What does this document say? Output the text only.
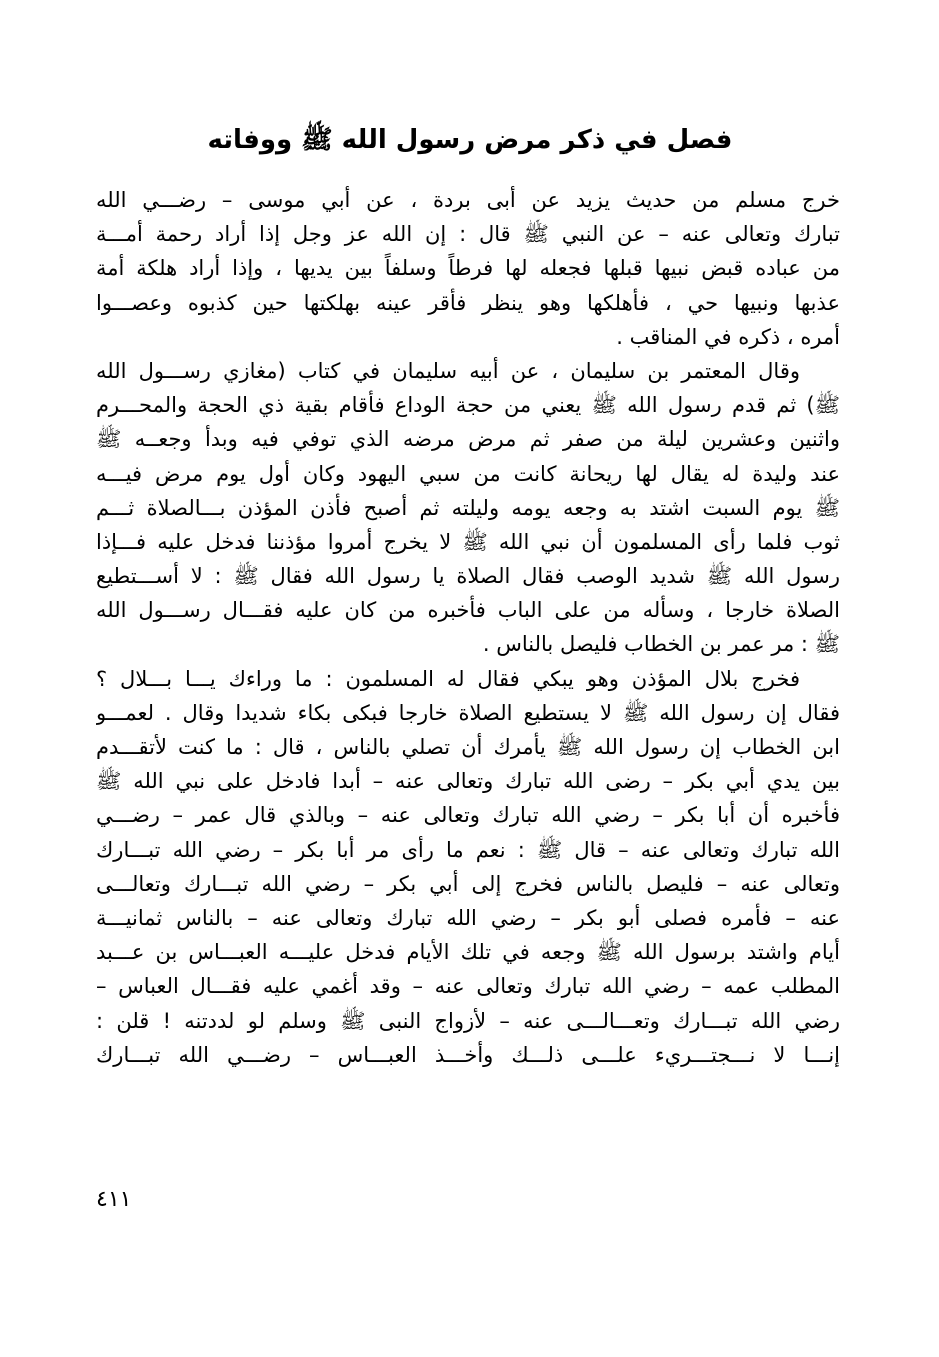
فصل في ذكر مرض رسول الله ﷺ ووفاته
خرج مسلم من حديث يزيد عن أبى بردة ، عن أبي موسى – رضـــي الله
تبارك وتعالى عنه – عن النبي ﷺ قال : إن الله عز وجل إذا أراد رحمة أمـــة
من عباده قبض نبيها قبلها فجعله لها فرطاً وسلفاً بين يديها ، وإذا أراد هلكة أمة
عذبها ونبيها حي ، فأهلكها وهو ينظر فأقر عينه بهلكتها حين كذبوه وعصـــوا
أمره ، ذكره في المناقب .
وقال المعتمر بن سليمان ، عن أبيه سليمان في كتاب (مغازي رســـول الله
ﷺ) ثم قدم رسول الله ﷺ يعني من حجة الوداع فأقام بقية ذي الحجة والمحـــرم
واثنين وعشرين ليلة من صفر ثم مرض مرضه الذي توفي فيه وبدأ وجعــه ﷺ
عند وليدة له يقال لها ريحانة كانت من سبي اليهود وكان أول يوم مرض فيـــه
ﷺ يوم السبت اشتد به وجعه يومه وليلته ثم أصبح فأذن المؤذن بـــالصلاة ثـــم
ثوب فلما رأى المسلمون أن نبي الله ﷺ لا يخرج أمروا مؤذننا فدخل عليه فـــإذا
رسول الله ﷺ شديد الوصب فقال الصلاة يا رسول الله فقال ﷺ : لا أســـتطيع
الصلاة خارجا ، وسأله من على الباب فأخبره من كان عليه فقـــال رســـول الله
ﷺ : مر عمر بن الخطاب فليصل بالناس .
فخرج بلال المؤذن وهو يبكي فقال له المسلمون : ما وراءك يـــا بـــلال ؟
فقال إن رسول الله ﷺ لا يستطيع الصلاة خارجا فبكى بكاء شديدا وقال . لعمـــو
ابن الخطاب إن رسول الله ﷺ يأمرك أن تصلي بالناس ، قال : ما كنت لأتقـــدم
بين يدي أبي بكر – رضى الله تبارك وتعالى عنه – أبدا فادخل على نبي الله ﷺ
فأخبره أن أبا بكر – رضي الله تبارك وتعالى عنه – وبالذي قال عمر – رضـــي
الله تبارك وتعالى عنه – قال ﷺ : نعم ما رأى مر أبا بكر – رضي الله تبـــارك
وتعالى عنه – فليصل بالناس فخرج إلى أبي بكر – رضي الله تبـــارك وتعالـــى
عنه – فأمره فصلى أبو بكر – رضي الله تبارك وتعالى عنه – بالناس ثمانيـــة
أيام واشتد برسول الله ﷺ وجعه في تلك الأيام فدخل عليـــه العبـــاس بن عـــبد
المطلب عمه – رضي الله تبارك وتعالى عنه – وقد أغمي عليه فقـــال العباس –
رضي الله تبـــارك وتعـــالـــى عنه – لأزواج النبى ﷺ وسلم لو لددتنه ! قلن :
إنـــا لا نـــجتـــريء علـــى ذلـــك وأخـــذ العبـــاس – رضـــي الله تبـــارك
٤١١
